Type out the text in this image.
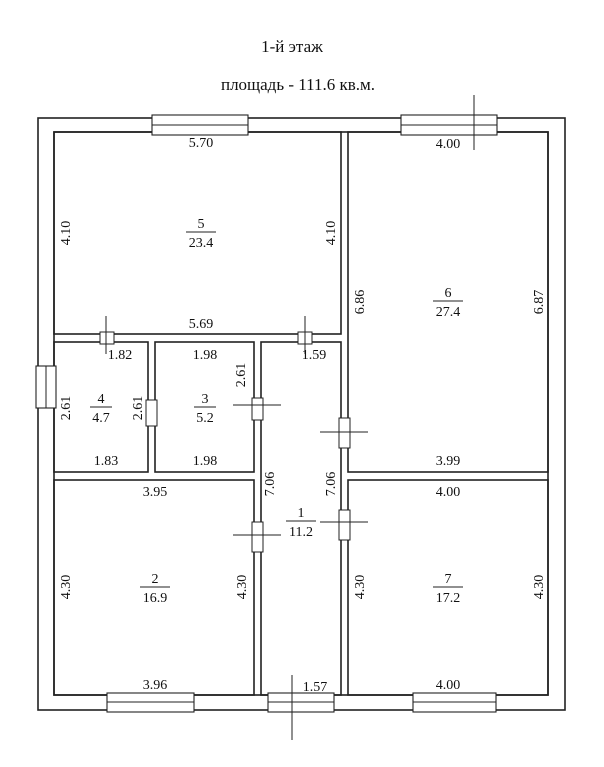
1-й этаж
площадь - 111.6 кв.м.
5
23.4
6
27.4
4
4.7
3
5.2
1
11.2
2
16.9
7
17.2
5.70
4.10	4.10
5.69
4.00
6.86	6.87
3.99
1.82
2.61	2.61
1.83
1.98
2.61
1.98
1.59
7.06	7.06
1.57
3.95
4.30	4.30
3.96
4.00
4.30	4.30
4.00
